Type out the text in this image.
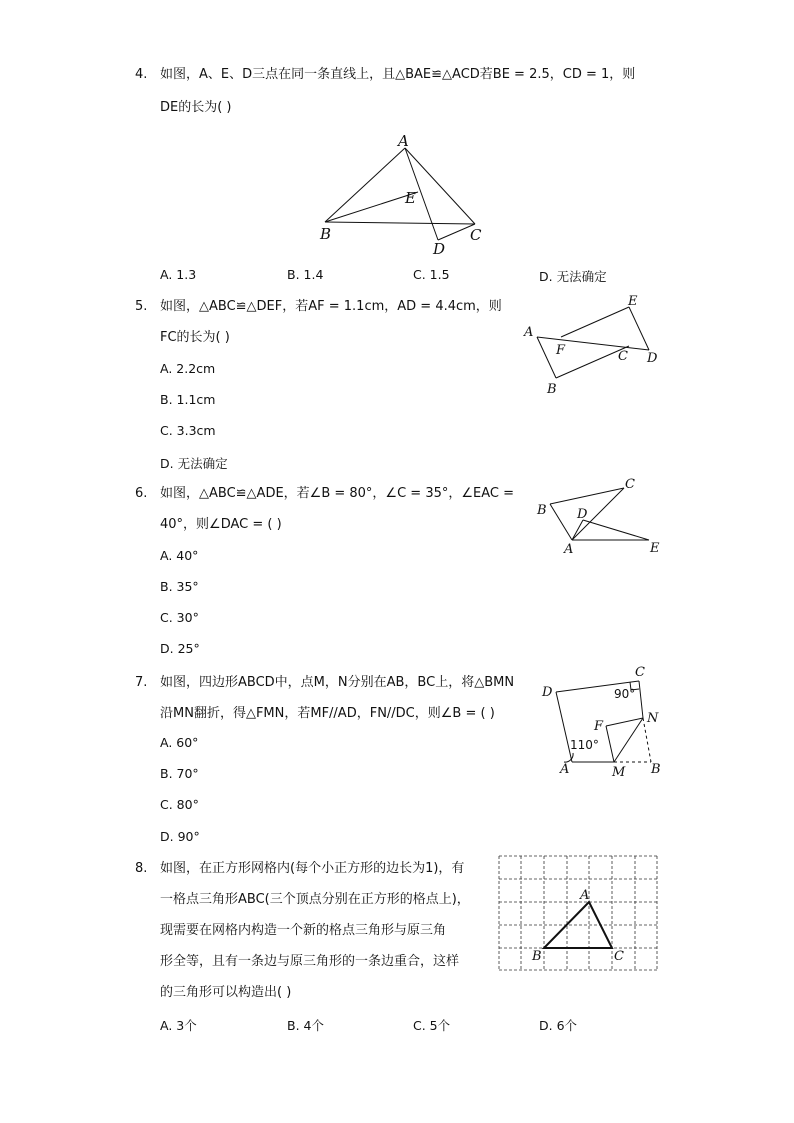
4. 如图，A、E、D三点在同一条直线上，且△BAE≌△ACD若BE = 2.5，CD = 1，则
DE的长为( )
A
E
B
D
C
A. 1.3	B. 1.4	C. 1.5	D. 无法确定
5. 如图，△ABC≌△DEF，若AF = 1.1cm，AD = 4.4cm，则
FC的长为( )
E
A
F	C D
B
A. 2.2cm
B. 1.1cm
C. 3.3cm
D. 无法确定
6. 如图，△ABC≌△ADE，若∠B = 80°，∠C = 35°，∠EAC =
40°，则∠DAC = ( )
C
B D
A	E
A. 40°
B. 35°
C. 30°
D. 25°
7. 如图，四边形ABCD中，点M，N分别在AB，BC上，将△BMN
沿MN翻折，得△FMN，若MF//AD，FN//DC，则∠B = ( )
C
D	90°
F
N
110°
A	M B
A. 60°
B. 70°
C. 80°
D. 90°
8. 如图，在正方形网格内(每个小正方形的边长为1)，有
一格点三角形ABC(三个顶点分别在正方形的格点上)，
现需要在网格内构造一个新的格点三角形与原三角
形全等，且有一条边与原三角形的一条边重合，这样
的三角形可以构造出( )
A
B	C
A. 3个	B. 4个	C. 5个	D. 6个
